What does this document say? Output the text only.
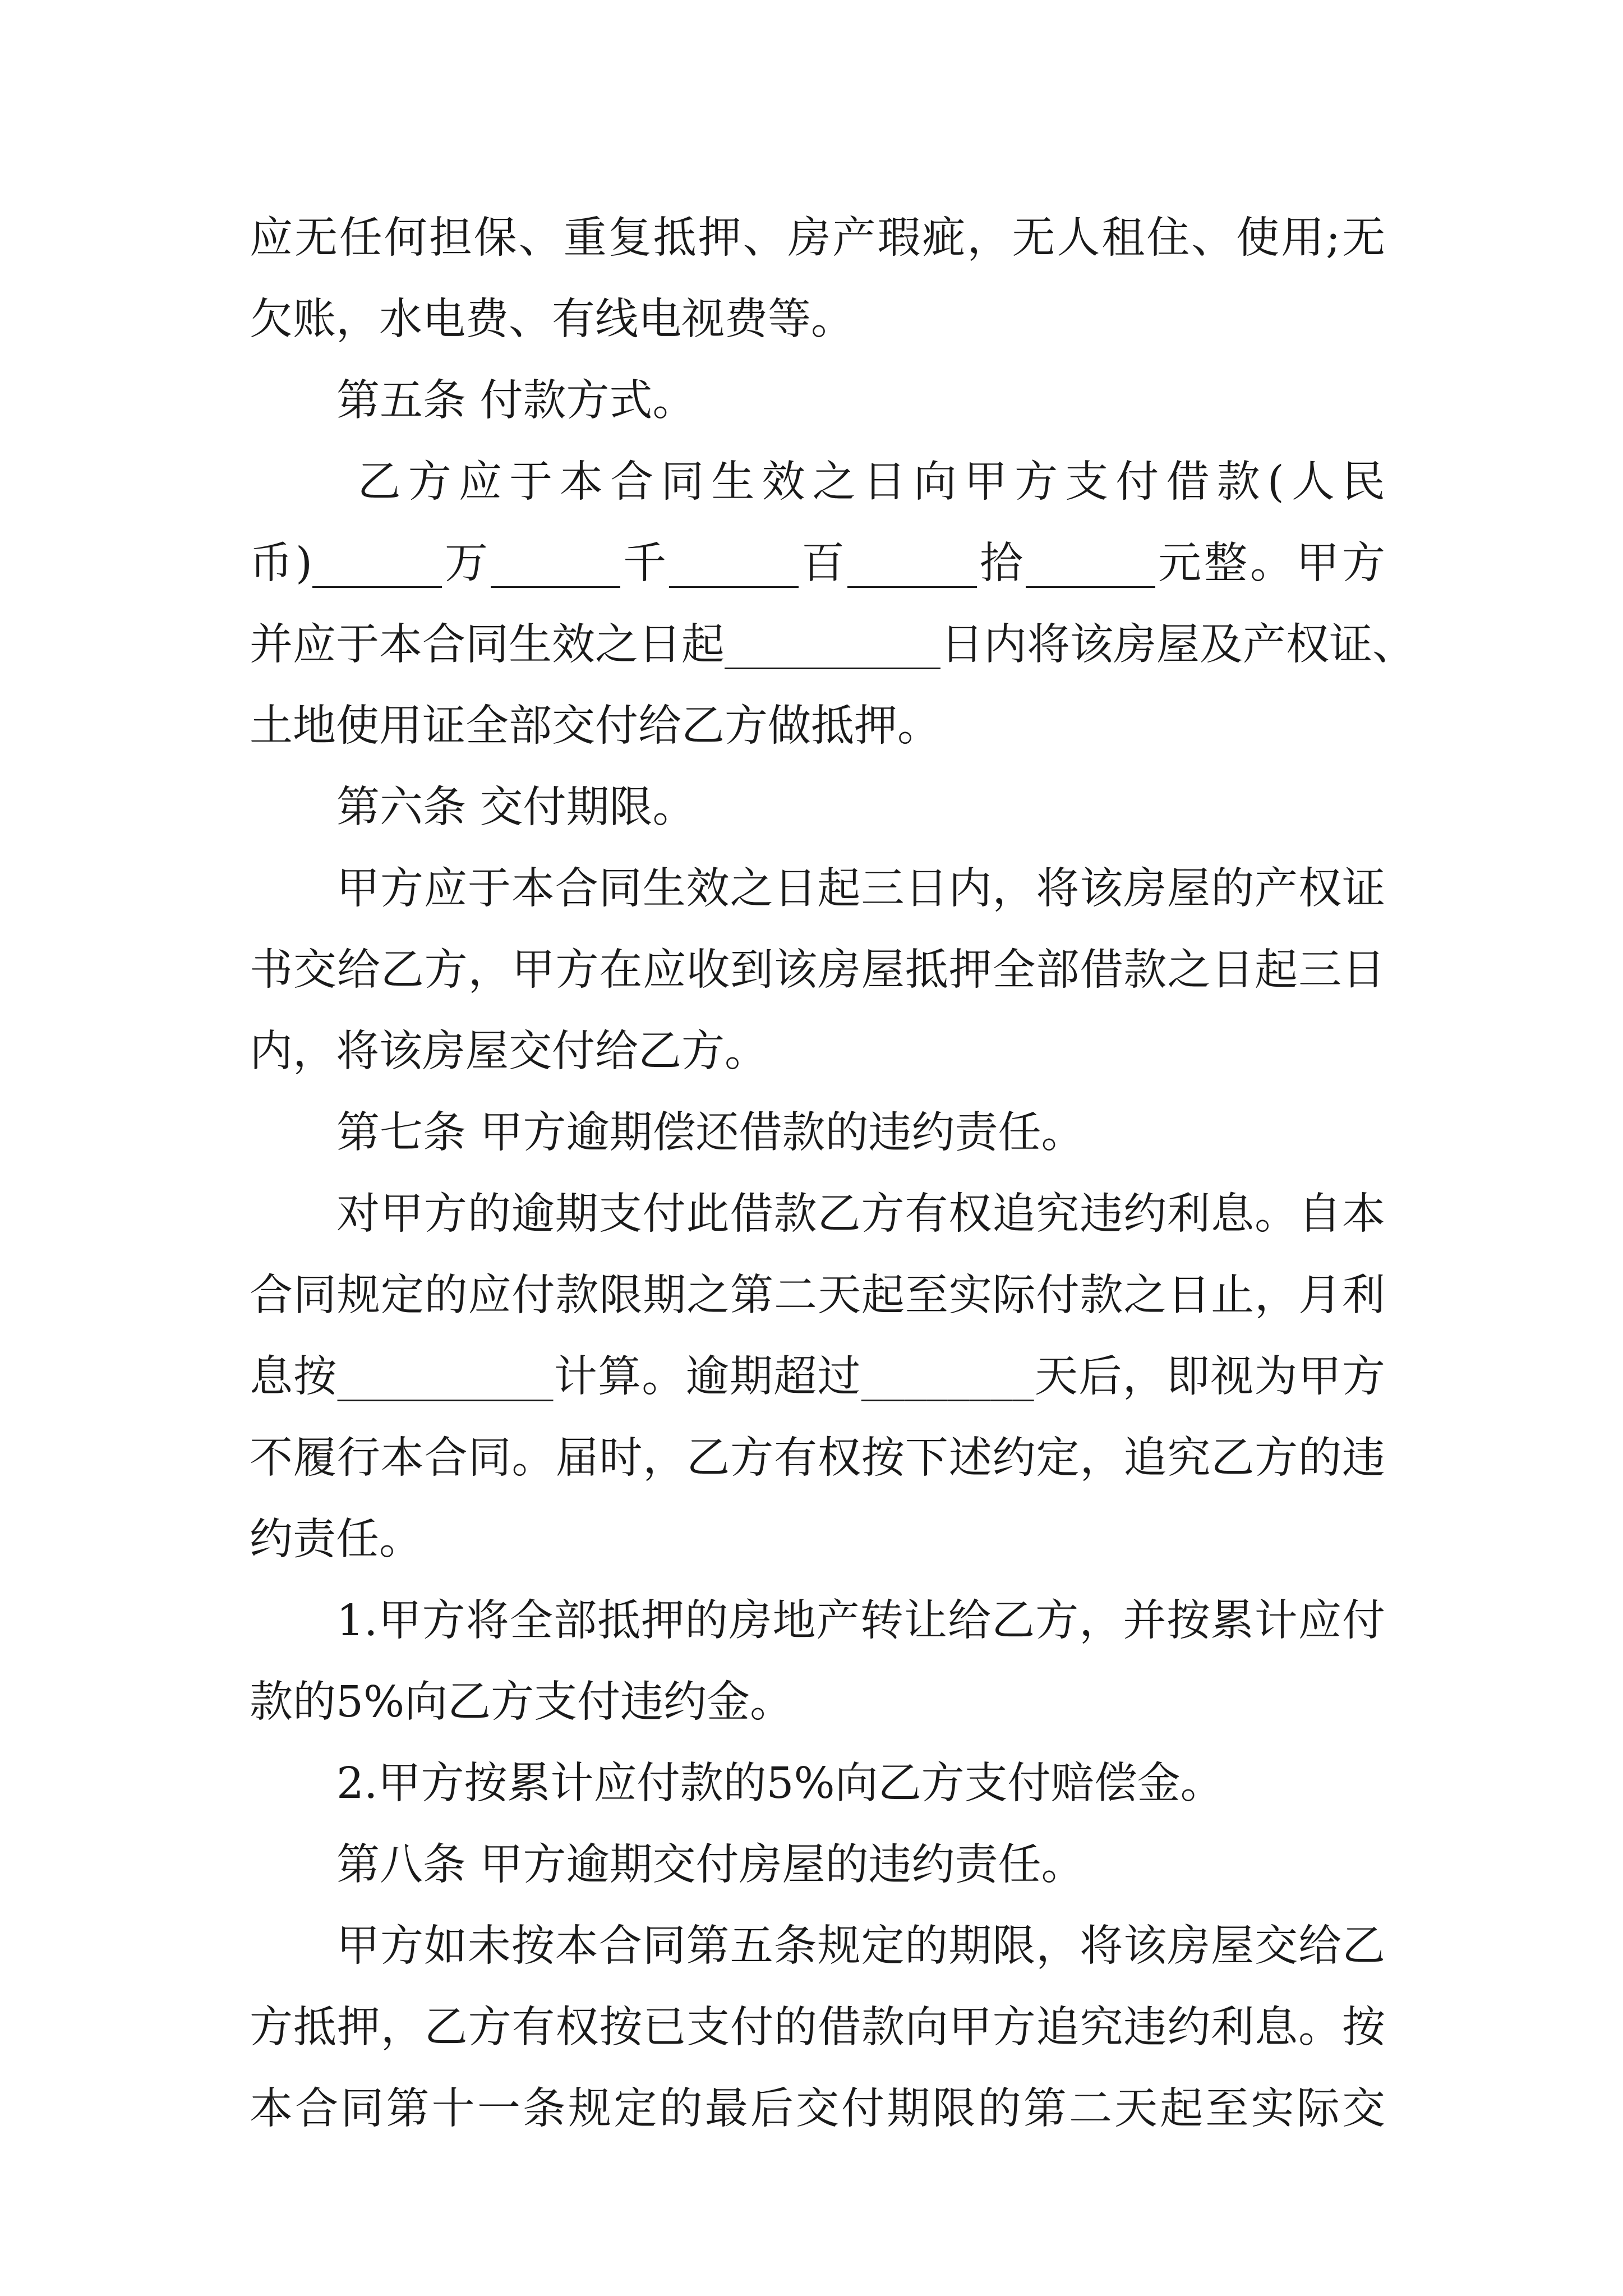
应无任何担保、重复抵押、房产瑕疵，无人租住、使用;无
欠账，水电费、有线电视费等。
第五条 付款方式。
乙方应于本合同生效之日向甲方支付借款(人民
币)______万______千______百______拾______元整。甲方
并应于本合同生效之日起__________日内将该房屋及产权证、
土地使用证全部交付给乙方做抵押。
第六条 交付期限。
甲方应于本合同生效之日起三日内，将该房屋的产权证
书交给乙方，甲方在应收到该房屋抵押全部借款之日起三日
内，将该房屋交付给乙方。
第七条 甲方逾期偿还借款的违约责任。
对甲方的逾期支付此借款乙方有权追究违约利息。自本
合同规定的应付款限期之第二天起至实际付款之日止，月利
息按__________计算。逾期超过________天后，即视为甲方
不履行本合同。届时，乙方有权按下述约定，追究乙方的违
约责任。
1.甲方将全部抵押的房地产转让给乙方，并按累计应付
款的5%向乙方支付违约金。
2.甲方按累计应付款的5%向乙方支付赔偿金。
第八条 甲方逾期交付房屋的违约责任。
甲方如未按本合同第五条规定的期限，将该房屋交给乙
方抵押，乙方有权按已支付的借款向甲方追究违约利息。按
本合同第十一条规定的最后交付期限的第二天起至实际交
